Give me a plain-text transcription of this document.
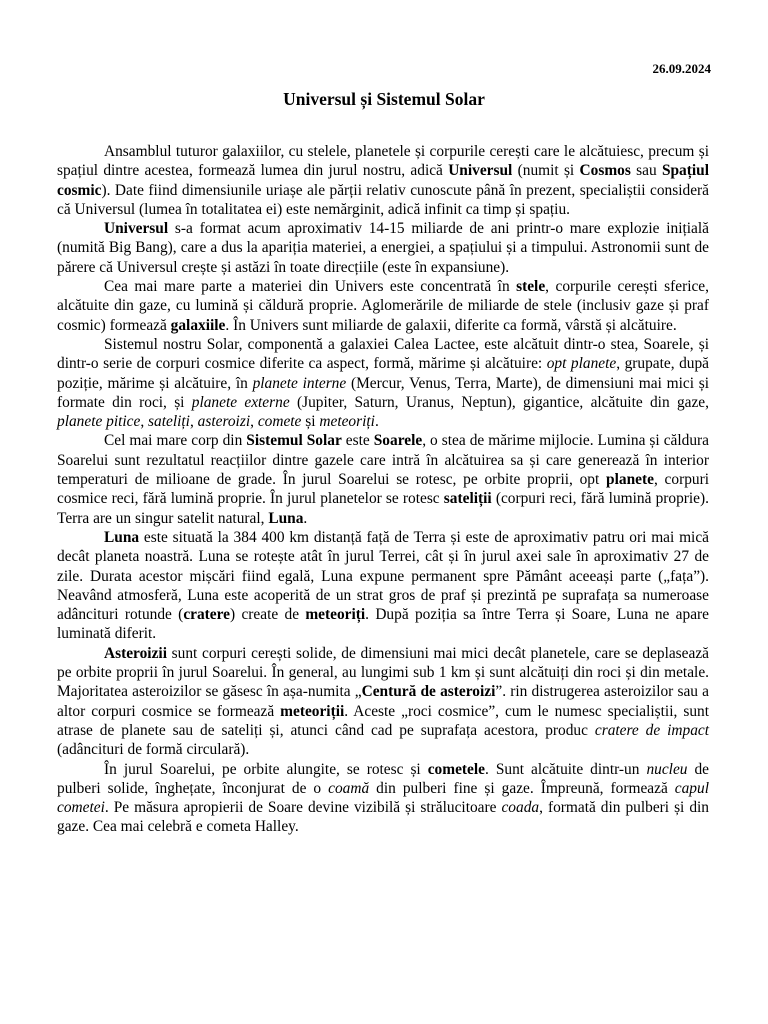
26.09.2024
Universul și Sistemul Solar

Ansamblul tuturor galaxiilor, cu stelele, planetele și corpurile cerești care le alcătuiesc, precum și spațiul dintre acestea, formează lumea din jurul nostru, adică Universul (numit și Cosmos sau Spațiul cosmic). Date fiind dimensiunile uriașe ale părții relativ cunoscute până în prezent, specialiștii consideră că Universul (lumea în totalitatea ei) este nemărginit, adică infinit ca timp și spațiu.

Universul s-a format acum aproximativ 14-15 miliarde de ani printr-o mare explozie inițială (numită Big Bang), care a dus la apariția materiei, a energiei, a spațiului și a timpului. Astronomii sunt de părere că Universul crește și astăzi în toate direcțiile (este în expansiune).

Cea mai mare parte a materiei din Univers este concentrată în stele, corpurile cerești sferice, alcătuite din gaze, cu lumină și căldură proprie. Aglomerările de miliarde de stele (inclusiv gaze și praf cosmic) formează galaxiile. În Univers sunt miliarde de galaxii, diferite ca formă, vârstă și alcătuire.

Sistemul nostru Solar, componentă a galaxiei Calea Lactee, este alcătuit dintr-o stea, Soarele, și dintr-o serie de corpuri cosmice diferite ca aspect, formă, mărime și alcătuire: opt planete, grupate, după poziție, mărime și alcătuire, în planete interne (Mercur, Venus, Terra, Marte), de dimensiuni mai mici și formate din roci, și planete externe (Jupiter, Saturn, Uranus, Neptun), gigantice, alcătuite din gaze, planete pitice, sateliți, asteroizi, comete și meteoriți.

Cel mai mare corp din Sistemul Solar este Soarele, o stea de mărime mijlocie. Lumina și căldura Soarelui sunt rezultatul reacțiilor dintre gazele care intră în alcătuirea sa și care generează în interior temperaturi de milioane de grade. În jurul Soarelui se rotesc, pe orbite proprii, opt planete, corpuri cosmice reci, fără lumină proprie. În jurul planetelor se rotesc sateliții (corpuri reci, fără lumină proprie). Terra are un singur satelit natural, Luna.

Luna este situată la 384 400 km distanță față de Terra și este de aproximativ patru ori mai mică decât planeta noastră. Luna se rotește atât în jurul Terrei, cât și în jurul axei sale în aproximativ 27 de zile. Durata acestor mișcări fiind egală, Luna expune permanent spre Pământ aceeași parte („fața”). Neavând atmosferă, Luna este acoperită de un strat gros de praf și prezintă pe suprafața sa numeroase adâncituri rotunde (cratere) create de meteoriți. După poziția sa între Terra și Soare, Luna ne apare luminată diferit.

Asteroizii sunt corpuri cerești solide, de dimensiuni mai mici decât planetele, care se deplasează pe orbite proprii în jurul Soarelui. În general, au lungimi sub 1 km și sunt alcătuiți din roci și din metale. Majoritatea asteroizilor se găsesc în așa-numita „Centură de asteroizi”. rin distrugerea asteroizilor sau a altor corpuri cosmice se formează meteoriții. Aceste „roci cosmice”, cum le numesc specialiștii, sunt atrase de planete sau de sateliți și, atunci când cad pe suprafața acestora, produc cratere de impact (adâncituri de formă circulară).

În jurul Soarelui, pe orbite alungite, se rotesc și cometele. Sunt alcătuite dintr-un nucleu de pulberi solide, înghețate, înconjurat de o coamă din pulberi fine și gaze. Împreună, formează capul cometei. Pe măsura apropierii de Soare devine vizibilă și strălucitoare coada, formată din pulberi și din gaze. Cea mai celebră e cometa Halley.
